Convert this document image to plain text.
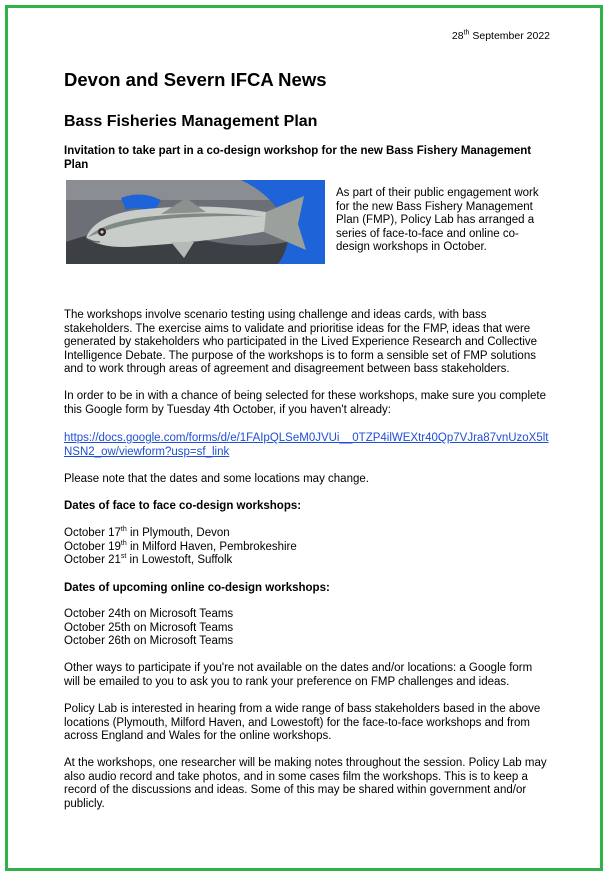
28th September 2022
Devon and Severn IFCA News
Bass Fisheries Management Plan
Invitation to take part in a co-design workshop for the new Bass Fishery Management Plan
As part of their public engagement work for the new Bass Fishery Management Plan (FMP), Policy Lab has arranged a series of face-to-face and online co-design workshops in October.
The workshops involve scenario testing using challenge and ideas cards, with bass stakeholders. The exercise aims to validate and prioritise ideas for the FMP, ideas that were generated by stakeholders who participated in the Lived Experience Research and Collective Intelligence Debate. The purpose of the workshops is to form a sensible set of FMP solutions and to work through areas of agreement and disagreement between bass stakeholders.
In order to be in with a chance of being selected for these workshops, make sure you complete this Google form by Tuesday 4th October, if you haven't already:
https://docs.google.com/forms/d/e/1FAIpQLSeM0JVUi__0TZP4ilWEXtr40Qp7VJra87vnUzoX5ltNSN2_ow/viewform?usp=sf_link
Please note that the dates and some locations may change.
Dates of face to face co-design workshops:

October 17th in Plymouth, Devon

October 19th in Milford Haven, Pembrokeshire

October 21st in Lowestoft, Suffolk

Dates of upcoming online co-design workshops:

October 24th on Microsoft Teams

October 25th on Microsoft Teams

October 26th on Microsoft Teams

Other ways to participate if you're not available on the dates and/or locations: a Google form will be emailed to you to ask you to rank your preference on FMP challenges and ideas.
Policy Lab is interested in hearing from a wide range of bass stakeholders based in the above locations (Plymouth, Milford Haven, and Lowestoft) for the face-to-face workshops and from across England and Wales for the online workshops.
At the workshops, one researcher will be making notes throughout the session. Policy Lab may also audio record and take photos, and in some cases film the workshops. This is to keep a record of the discussions and ideas. Some of this may be shared within government and/or publicly.
